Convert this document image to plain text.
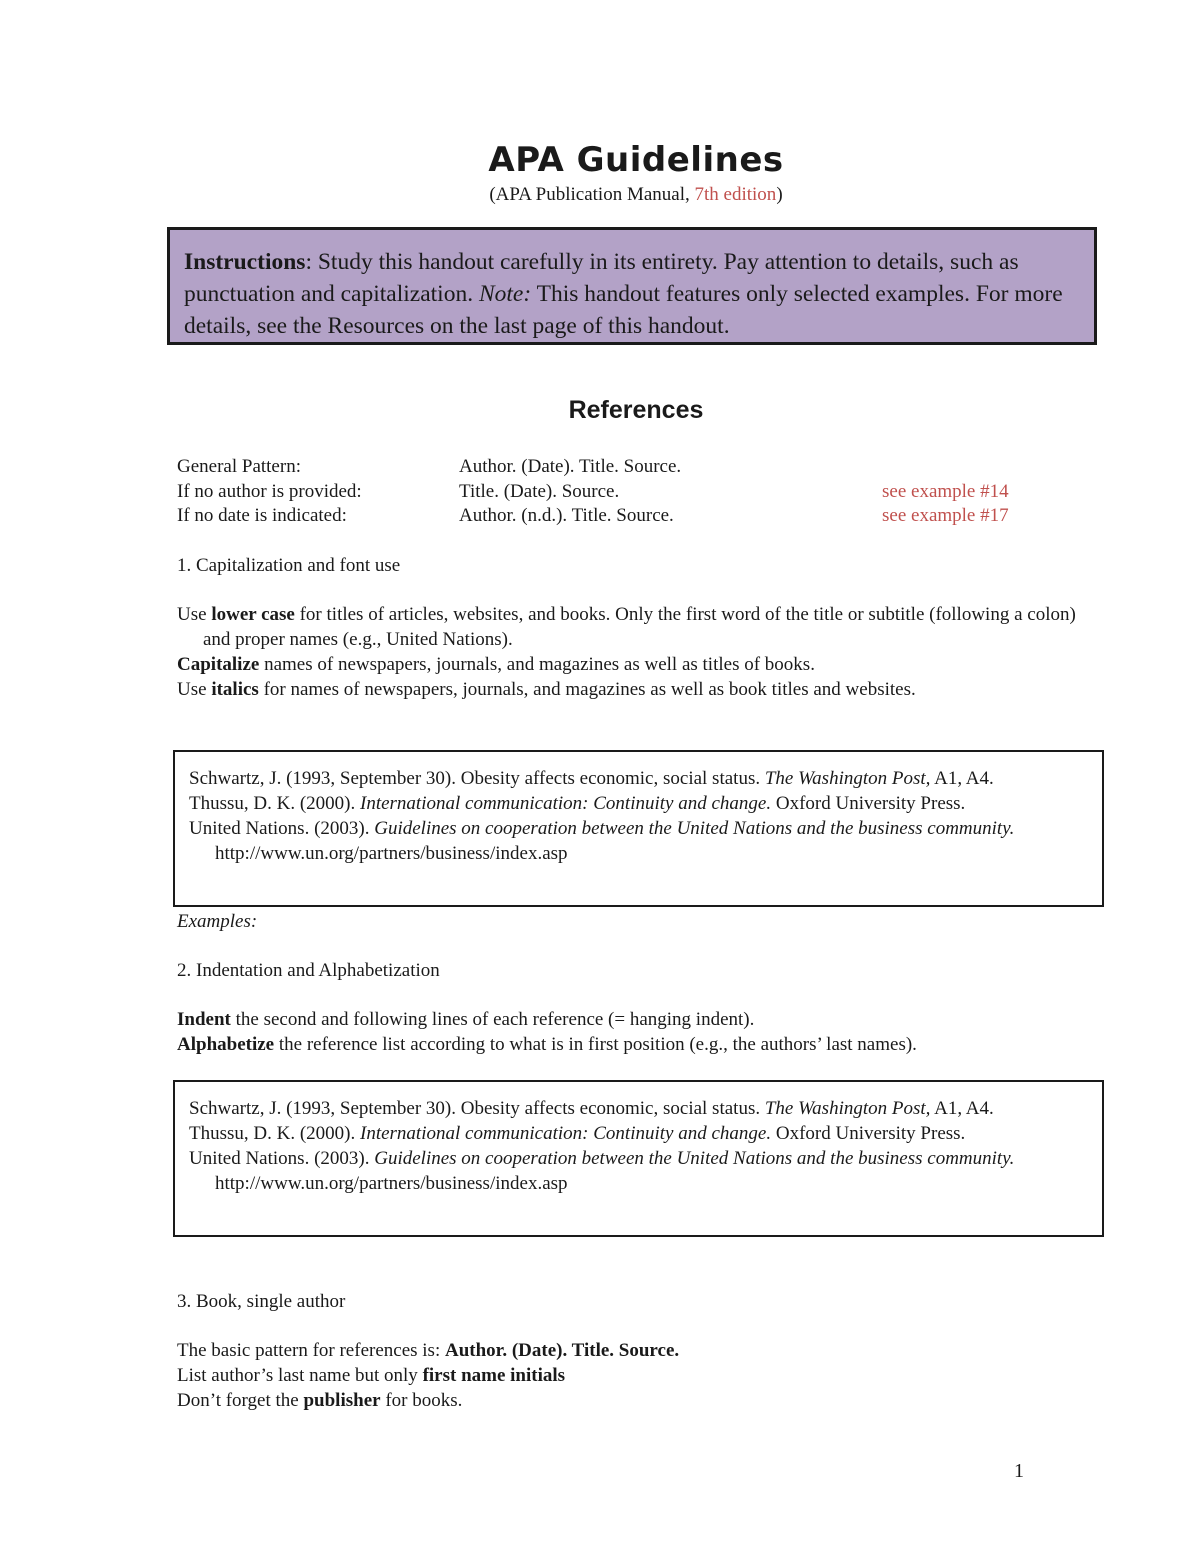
APA Guidelines
(APA Publication Manual, 7th edition)
Instructions: Study this handout carefully in its entirety. Pay attention to details, such as punctuation and capitalization. Note: This handout features only selected examples. For more details, see the Resources on the last page of this handout.
References
General Pattern:	Author. (Date). Title. Source.
If no author is provided:	Title. (Date). Source.	see example #14
If no date is indicated:	Author. (n.d.). Title. Source.	see example #17
1. Capitalization and font use

Use lower case for titles of articles, websites, and books. Only the first word of the title or subtitle (following a colon) and proper names (e.g., United Nations).

Capitalize names of newspapers, journals, and magazines as well as titles of books.

Use italics for names of newspapers, journals, and magazines as well as book titles and websites.

Schwartz, J. (1993, September 30). Obesity affects economic, social status. The Washington Post, A1, A4.

Thussu, D. K. (2000). International communication: Continuity and change. Oxford University Press.

United Nations. (2003). Guidelines on cooperation between the United Nations and the business community. http://www.un.org/partners/business/index.asp

Examples:
2. Indentation and Alphabetization

Indent the second and following lines of each reference (= hanging indent).

Alphabetize the reference list according to what is in first position (e.g., the authors’ last names).

Schwartz, J. (1993, September 30). Obesity affects economic, social status. The Washington Post, A1, A4.

Thussu, D. K. (2000). International communication: Continuity and change. Oxford University Press.

United Nations. (2003). Guidelines on cooperation between the United Nations and the business community. http://www.un.org/partners/business/index.asp

3. Book, single author

The basic pattern for references is: Author. (Date). Title. Source.

List author’s last name but only first name initials

Don’t forget the publisher for books.

1
